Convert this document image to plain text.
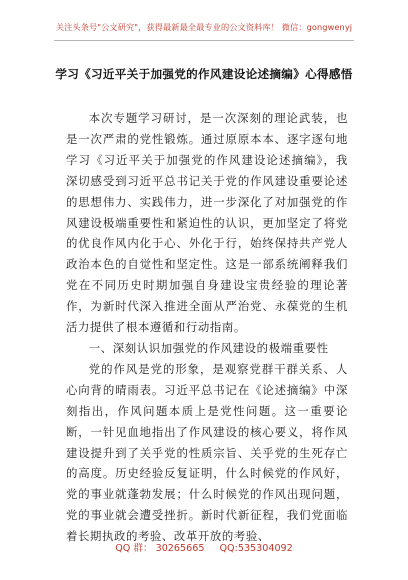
关注头条号"公文研究"，获得最新最全最专业的公文资料库！ 微信：gongwenyj
学习《习近平关于加强党的作风建设论述摘编》心得感悟

本次专题学习研讨，是一次深刻的理论武装，也是一次严肃的党性锻炼。通过原原本本、逐字逐句地学习《习近平关于加强党的作风建设论述摘编》，我深切感受到习近平总书记关于党的作风建设重要论述的思想伟力、实践伟力，进一步深化了对加强党的作风建设极端重要性和紧迫性的认识，更加坚定了将党的优良作风内化于心、外化于行，始终保持共产党人政治本色的自觉性和坚定性。这是一部系统阐释我们党在不同历史时期加强自身建设宝贵经验的理论著作，为新时代深入推进全面从严治党、永葆党的生机活力提供了根本遵循和行动指南。

一、深刻认识加强党的作风建设的极端重要性

党的作风是党的形象，是观察党群干群关系、人心向背的晴雨表。习近平总书记在《论述摘编》中深刻指出，作风问题本质上是党性问题。这一重要论断，一针见血地指出了作风建设的核心要义，将作风建设提升到了关乎党的性质宗旨、关乎党的生死存亡的高度。历史经验反复证明，什么时候党的作风好，党的事业就蓬勃发展；什么时候党的作风出现问题，党的事业就会遭受挫折。新时代新征程，我们党面临着长期执政的考验、改革开放的考验、

QQ 群： 30265665 QQ:535304092
